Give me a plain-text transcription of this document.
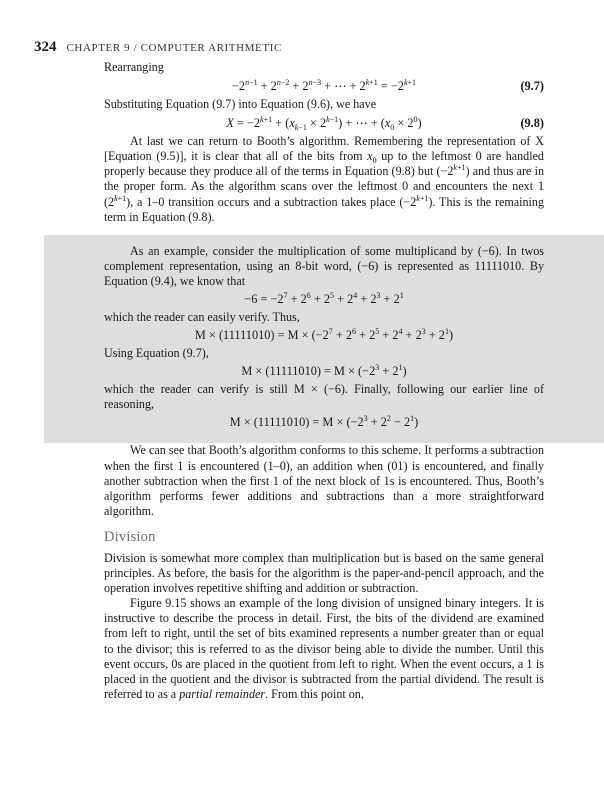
324 CHAPTER 9 / COMPUTER ARITHMETIC

Rearranging

$-2^{n-1} + 2^{n-2} + 2^{n-3}$ + ⋯ + $2^{k+1} = -2^{k+1}$	(9.7)

Substituting Equation (9.7) into Equation (9.6), we have

$X = -2^{k+1} + (x_{k-1} \times 2^{k-1})$ + ⋯ + $(x_0 \times 2^0)$	(9.8)

At last we can return to Booth’s algorithm. Remembering the representation of X [Equation (9.5)], it is clear that all of the bits from $x_0$ up to the leftmost 0 are handled properly because they produce all of the terms in Equation (9.8) but $(-2^{k+1})$ and thus are in the proper form. As the algorithm scans over the leftmost 0 and encounters the next 1 $(2^{k+1})$, a 1–0 transition occurs and a subtraction takes place $(-2^{k+1})$. This is the remaining term in Equation (9.8).

As an example, consider the multiplication of some multiplicand by (−6). In twos complement representation, using an 8-bit word, (−6) is represented as 11111010. By Equation (9.4), we know that

$-6 = -2^7 + 2^6 + 2^5 + 2^4 + 2^3 + 2^1$

which the reader can easily verify. Thus,

$M \times (11111010) = M \times (-2^7 + 2^6 + 2^5 + 2^4 + 2^3 + 2^1)$

Using Equation (9.7),

$M \times (11111010) = M \times (-2^3 + 2^1)$

which the reader can verify is still M × (−6). Finally, following our earlier line of reasoning,

$M \times (11111010) = M \times (-2^3 + 2^2 - 2^1)$

We can see that Booth’s algorithm conforms to this scheme. It performs a subtraction when the first 1 is encountered (1–0), an addition when (01) is encountered, and finally another subtraction when the first 1 of the next block of 1s is encountered. Thus, Booth’s algorithm performs fewer additions and subtractions than a more straightforward algorithm.

Division

Division is somewhat more complex than multiplication but is based on the same general principles. As before, the basis for the algorithm is the paper-and-pencil approach, and the operation involves repetitive shifting and addition or subtraction.

Figure 9.15 shows an example of the long division of unsigned binary integers. It is instructive to describe the process in detail. First, the bits of the dividend are examined from left to right, until the set of bits examined represents a number greater than or equal to the divisor; this is referred to as the divisor being able to divide the number. Until this event occurs, 0s are placed in the quotient from left to right. When the event occurs, a 1 is placed in the quotient and the divisor is subtracted from the partial dividend. The result is referred to as a partial remainder. From this point on,
